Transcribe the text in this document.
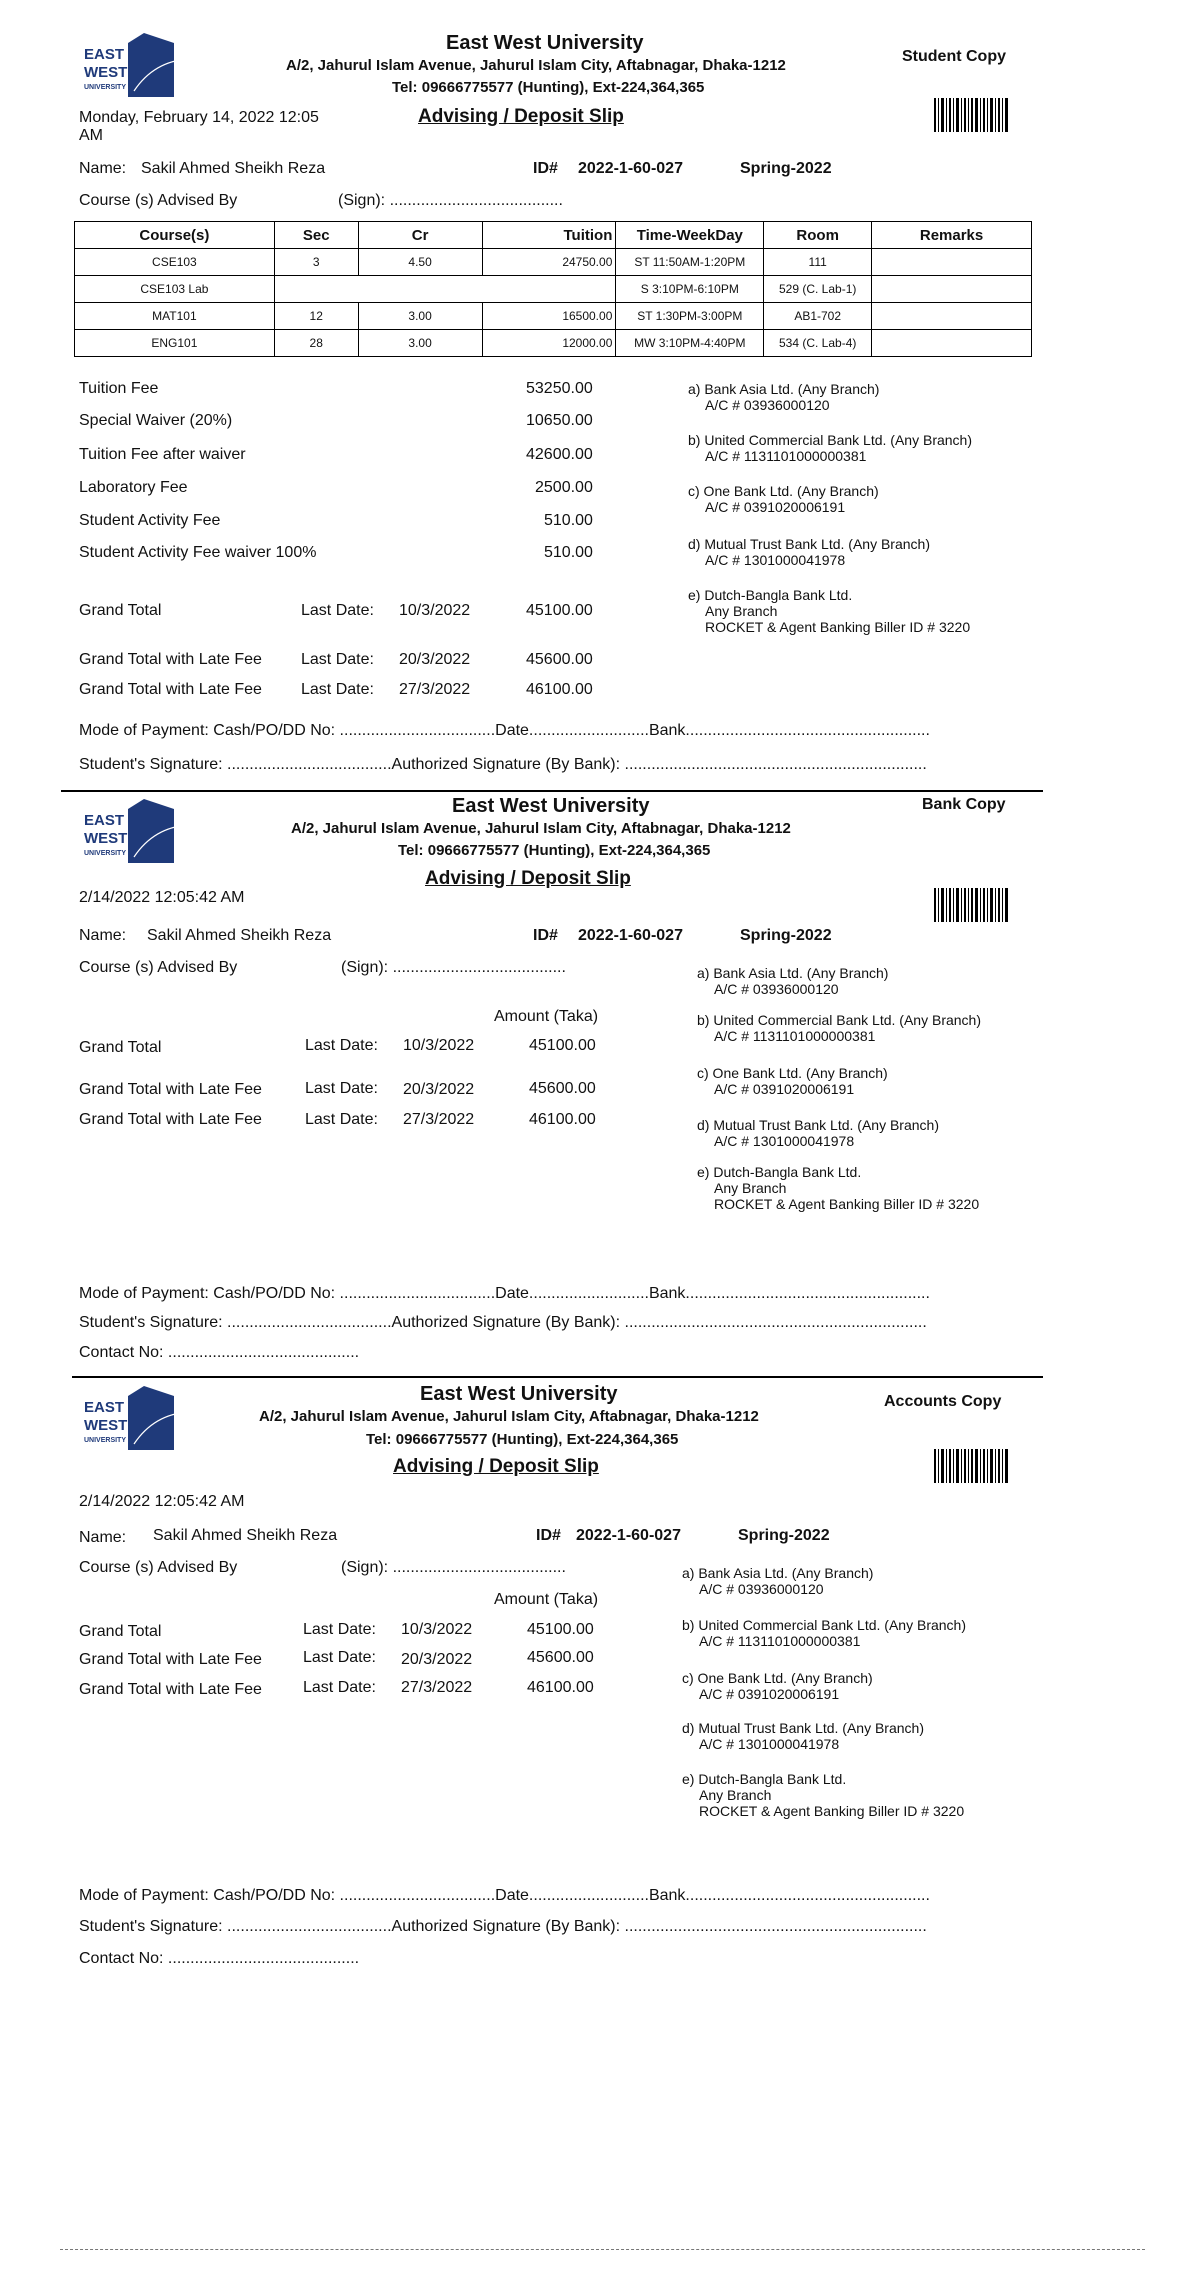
EAST
WEST
UNIVERSITY
East West University
A/2, Jahurul Islam Avenue, Jahurul Islam City, Aftabnagar, Dhaka-1212
Tel: 09666775577 (Hunting), Ext-224,364,365
Student Copy
Advising / Deposit Slip
Monday, February 14, 2022 12:05
AM
Name: Sakil Ahmed Sheikh Reza	ID# 2022-1-60-027	Spring-2022
Course (s) Advised By	(Sign): .......................................
Course(s)	Sec	Cr	Tuition	Time-WeekDay	Room	Remarks
CSE103	3	4.50	24750.00	ST 11:50AM-1:20PM	111	
CSE103 Lab				S 3:10PM-6:10PM	529 (C. Lab-1)	
MAT101	12	3.00	16500.00	ST 1:30PM-3:00PM	AB1-702	
ENG101	28	3.00	12000.00	MW 3:10PM-4:40PM	534 (C. Lab-4)	
Tuition Fee	53250.00
Special Waiver (20%)	10650.00
Tuition Fee after waiver	42600.00
Laboratory Fee	2500.00
Student Activity Fee	510.00
Student Activity Fee waiver 100%	510.00
Grand Total	Last Date: 10/3/2022	45100.00
Grand Total with Late Fee Last Date: 20/3/2022	45600.00
Grand Total with Late Fee Last Date: 27/3/2022	46100.00
a) Bank Asia Ltd. (Any Branch)
A/C # 03936000120
b) United Commercial Bank Ltd. (Any Branch)
A/C # 1131101000000381
c) One Bank Ltd. (Any Branch)
A/C # 0391020006191
d) Mutual Trust Bank Ltd. (Any Branch)
A/C # 1301000041978
e) Dutch-Bangla Bank Ltd.
Any Branch
ROCKET & Agent Banking Biller ID # 3220
Mode of Payment: Cash/PO/DD No: ...................................Date...........................Bank.......................................................
Student's Signature: .....................................Authorized Signature (By Bank): ....................................................................
EAST
WEST
UNIVERSITY
East West University
A/2, Jahurul Islam Avenue, Jahurul Islam City, Aftabnagar, Dhaka-1212
Tel: 09666775577 (Hunting), Ext-224,364,365
Bank Copy
Advising / Deposit Slip
2/14/2022 12:05:42 AM
Name: Sakil Ahmed Sheikh Reza	ID# 2022-1-60-027	Spring-2022
Course (s) Advised By	(Sign): .......................................
Amount (Taka)
Grand Total	Last Date: 10/3/2022	45100.00
Grand Total with Late Fee	Last Date: 20/3/2022	45600.00
Grand Total with Late Fee	Last Date: 27/3/2022	46100.00
a) Bank Asia Ltd. (Any Branch)
A/C # 03936000120
b) United Commercial Bank Ltd. (Any Branch)
A/C # 1131101000000381
c) One Bank Ltd. (Any Branch)
A/C # 0391020006191
d) Mutual Trust Bank Ltd. (Any Branch)
A/C # 1301000041978
e) Dutch-Bangla Bank Ltd.
Any Branch
ROCKET & Agent Banking Biller ID # 3220
Mode of Payment: Cash/PO/DD No: ...................................Date...........................Bank.......................................................
Student's Signature: .....................................Authorized Signature (By Bank): ....................................................................
Contact No: ...........................................
EAST
WEST
UNIVERSITY
East West University
A/2, Jahurul Islam Avenue, Jahurul Islam City, Aftabnagar, Dhaka-1212
Tel: 09666775577 (Hunting), Ext-224,364,365
Accounts Copy
Advising / Deposit Slip
2/14/2022 12:05:42 AM
Name: Sakil Ahmed Sheikh Reza	ID# 2022-1-60-027	Spring-2022
Course (s) Advised By	(Sign): .......................................
Amount (Taka)
Grand Total	Last Date: 10/3/2022	45100.00
Grand Total with Late Fee	Last Date: 20/3/2022	45600.00
Grand Total with Late Fee	Last Date: 27/3/2022	46100.00
a) Bank Asia Ltd. (Any Branch)
A/C # 03936000120
b) United Commercial Bank Ltd. (Any Branch)
A/C # 1131101000000381
c) One Bank Ltd. (Any Branch)
A/C # 0391020006191
d) Mutual Trust Bank Ltd. (Any Branch)
A/C # 1301000041978
e) Dutch-Bangla Bank Ltd.
Any Branch
ROCKET & Agent Banking Biller ID # 3220
Mode of Payment: Cash/PO/DD No: ...................................Date...........................Bank.......................................................
Student's Signature: .....................................Authorized Signature (By Bank): ....................................................................
Contact No: ...........................................
